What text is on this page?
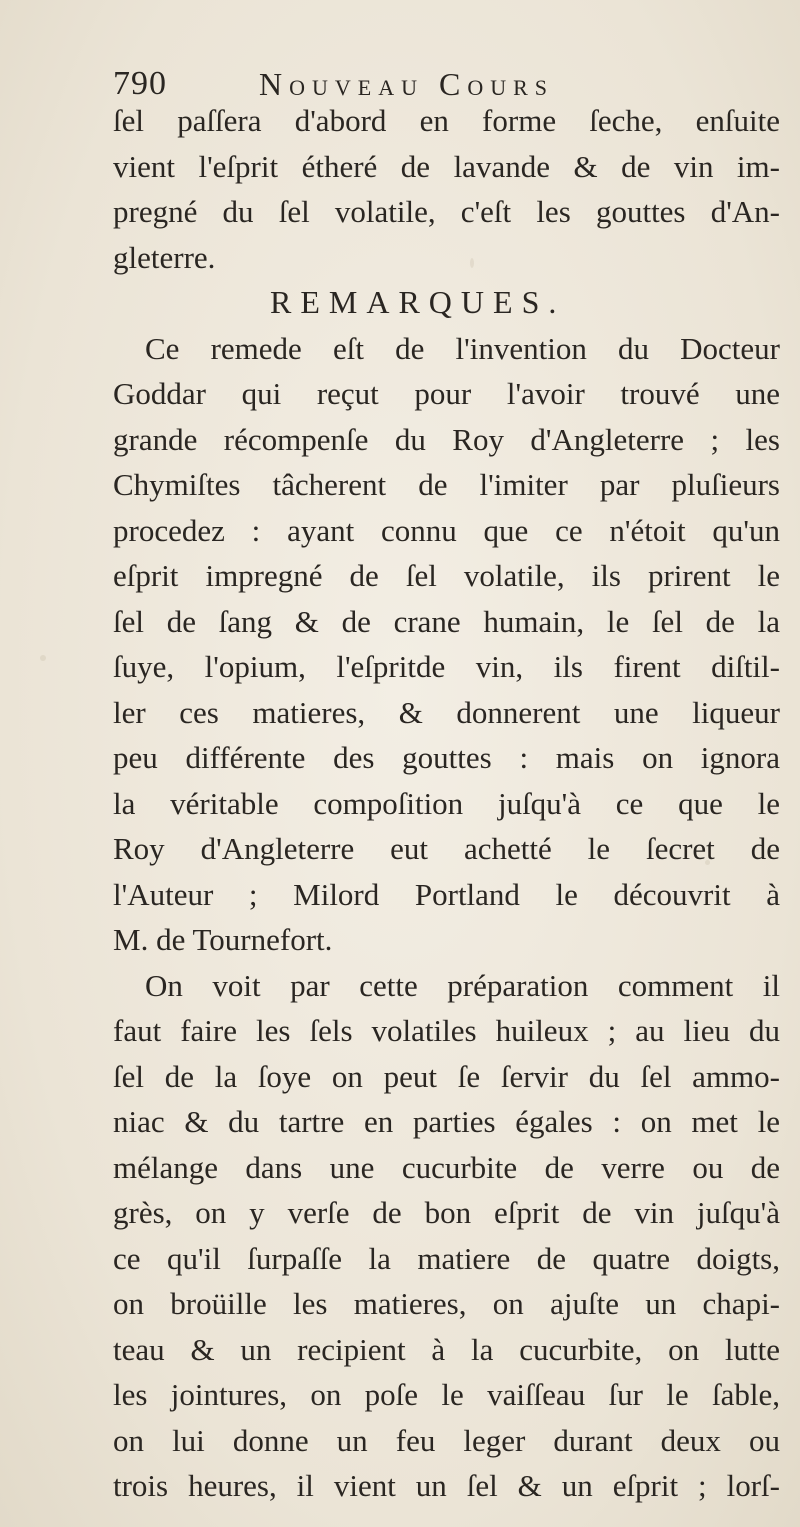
790	Nouveau Cours
ſel paſſera d'abord en forme ſeche, enſuite
vient l'eſprit étheré de lavande & de vin im-
pregné du ſel volatile, c'eſt les gouttes d'An-
gleterre.
REMARQUES.
Ce remede eſt de l'invention du Docteur
Goddar qui reçut pour l'avoir trouvé une
grande récompenſe du Roy d'Angleterre ; les
Chymiſtes tâcherent de l'imiter par pluſieurs
procedez : ayant connu que ce n'étoit qu'un
eſprit impregné de ſel volatile, ils prirent le
ſel de ſang & de crane humain, le ſel de la
ſuye, l'opium, l'eſpritde vin, ils firent diſtil-
ler ces matieres, & donnerent une liqueur
peu différente des gouttes : mais on ignora
la véritable compoſition juſqu'à ce que le
Roy d'Angleterre eut achetté le ſecret de
l'Auteur ; Milord Portland le découvrit à
M. de Tournefort.
On voit par cette préparation comment il
faut faire les ſels volatiles huileux ; au lieu du
ſel de la ſoye on peut ſe ſervir du ſel ammo-
niac & du tartre en parties égales : on met le
mélange dans une cucurbite de verre ou de
grès, on y verſe de bon eſprit de vin juſqu'à
ce qu'il ſurpaſſe la matiere de quatre doigts,
on broüille les matieres, on ajuſte un chapi-
teau & un recipient à la cucurbite, on lutte
les jointures, on poſe le vaiſſeau ſur le ſable,
on lui donne un feu leger durant deux ou
trois heures, il vient un ſel & un eſprit ; lorſ-
